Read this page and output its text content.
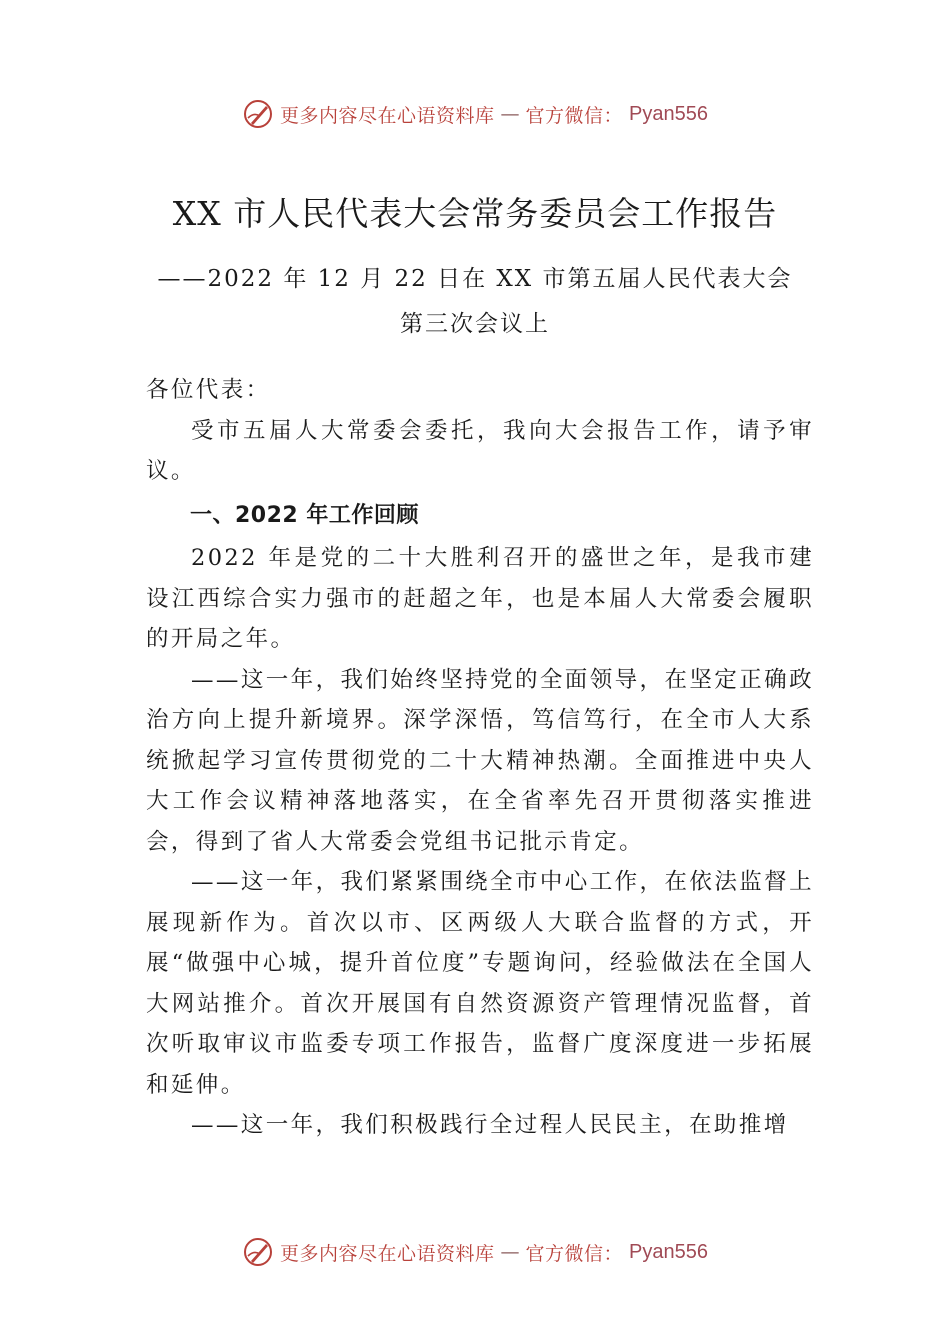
更多内容尽在心语资料库 — 官方微信： Pyan556
XX 市人民代表大会常务委员会工作报告
——2022 年 12 月 22 日在 XX 市第五届人民代表大会
第三次会议上

各位代表：

受市五届人大常委会委托，我向大会报告工作，请予审议。

一、2022 年工作回顾

2022 年是党的二十大胜利召开的盛世之年，是我市建设江西综合实力强市的赶超之年，也是本届人大常委会履职的开局之年。

——这一年，我们始终坚持党的全面领导，在坚定正确政治方向上提升新境界。深学深悟，笃信笃行，在全市人大系统掀起学习宣传贯彻党的二十大精神热潮。全面推进中央人大工作会议精神落地落实，在全省率先召开贯彻落实推进会，得到了省人大常委会党组书记批示肯定。

——这一年，我们紧紧围绕全市中心工作，在依法监督上展现新作为。首次以市、区两级人大联合监督的方式，开展“做强中心城，提升首位度”专题询问，经验做法在全国人大网站推介。首次开展国有自然资源资产管理情况监督，首次听取审议市监委专项工作报告，监督广度深度进一步拓展和延伸。

——这一年，我们积极践行全过程人民民主，在助推增

更多内容尽在心语资料库 — 官方微信： Pyan556
